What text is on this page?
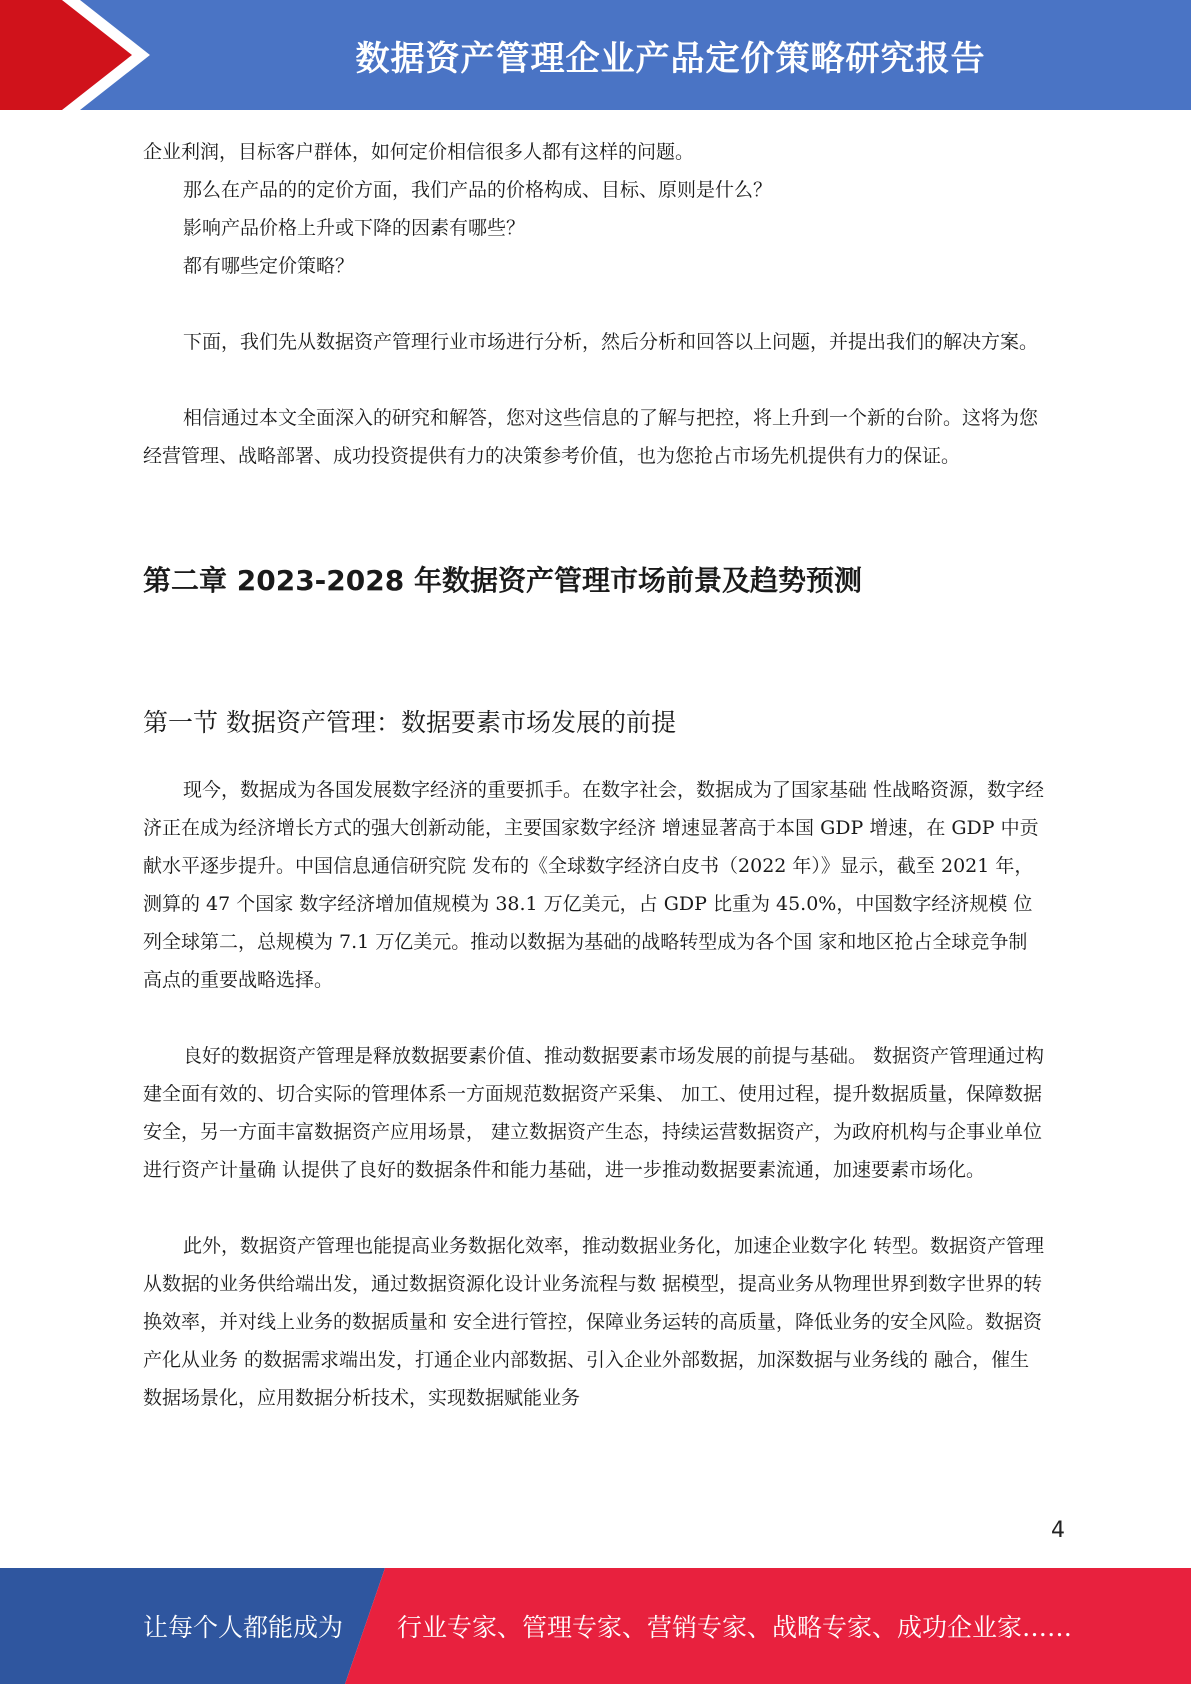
数据资产管理企业产品定价策略研究报告

企业利润，目标客户群体，如何定价相信很多人都有这样的问题。

那么在产品的的定价方面，我们产品的价格构成、目标、原则是什么？

影响产品价格上升或下降的因素有哪些？

都有哪些定价策略？

下面，我们先从数据资产管理行业市场进行分析，然后分析和回答以上问题，并提出我们的解决方案。

相信通过本文全面深入的研究和解答，您对这些信息的了解与把控，将上升到一个新的台阶。这将为您经营管理、战略部署、成功投资提供有力的决策参考价值，也为您抢占市场先机提供有力的保证。

第二章 2023-2028 年数据资产管理市场前景及趋势预测
第一节 数据资产管理：数据要素市场发展的前提

现今，数据成为各国发展数字经济的重要抓手。在数字社会，数据成为了国家基础 性战略资源，数字经济正在成为经济增长方式的强大创新动能，主要国家数字经济 增速显著高于本国 GDP 增速，在 GDP 中贡献水平逐步提升。中国信息通信研究院 发布的《全球数字经济白皮书（2022 年）》显示，截至 2021 年，测算的 47 个国家 数字经济增加值规模为 38.1 万亿美元，占 GDP 比重为 45.0%，中国数字经济规模 位列全球第二，总规模为 7.1 万亿美元。推动以数据为基础的战略转型成为各个国 家和地区抢占全球竞争制高点的重要战略选择。

良好的数据资产管理是释放数据要素价值、推动数据要素市场发展的前提与基础。 数据资产管理通过构建全面有效的、切合实际的管理体系一方面规范数据资产采集、 加工、使用过程，提升数据质量，保障数据安全，另一方面丰富数据资产应用场景， 建立数据资产生态，持续运营数据资产，为政府机构与企事业单位进行资产计量确 认提供了良好的数据条件和能力基础，进一步推动数据要素流通，加速要素市场化。

此外，数据资产管理也能提高业务数据化效率，推动数据业务化，加速企业数字化 转型。数据资产管理从数据的业务供给端出发，通过数据资源化设计业务流程与数 据模型，提高业务从物理世界到数字世界的转换效率，并对线上业务的数据质量和 安全进行管控，保障业务运转的高质量，降低业务的安全风险。数据资产化从业务 的数据需求端出发，打通企业内部数据、引入企业外部数据，加深数据与业务线的 融合，催生数据场景化，应用数据分析技术，实现数据赋能业务

4
让每个人都能成为 行业专家、管理专家、营销专家、战略专家、成功企业家……
